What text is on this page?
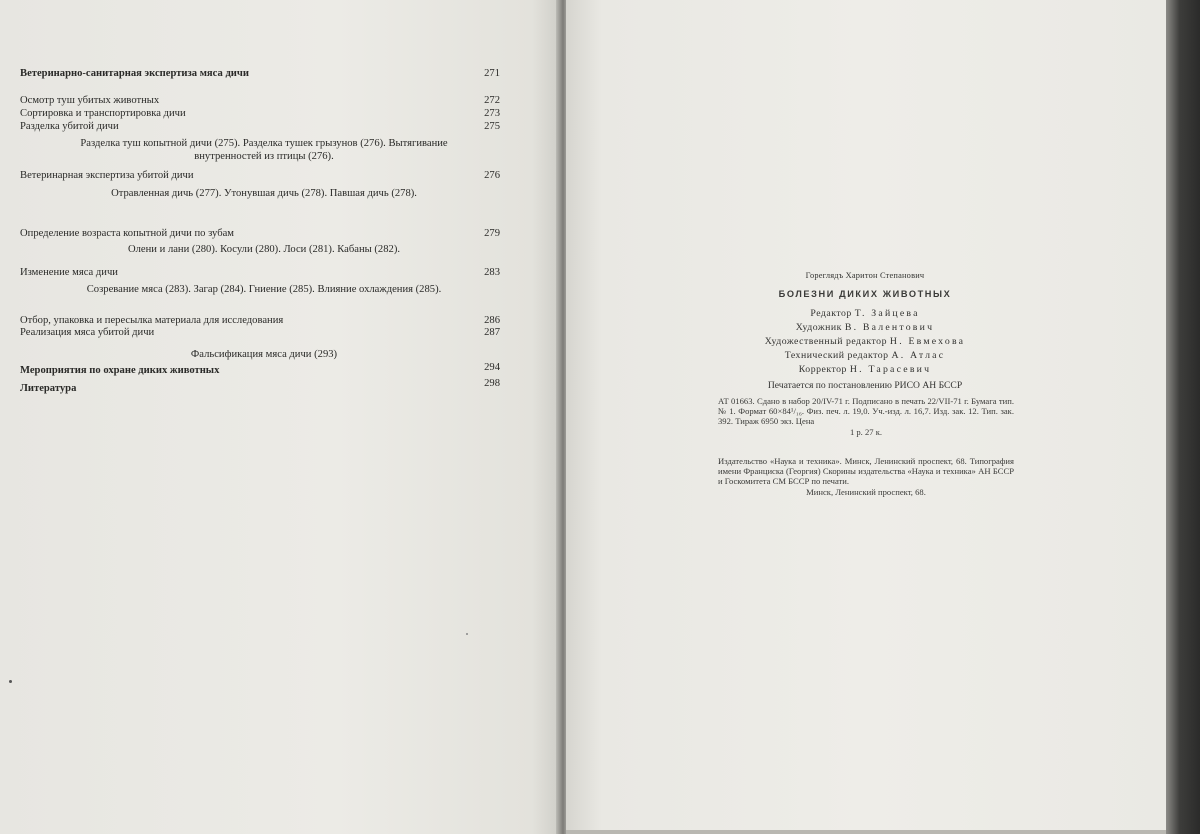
Ветеринарно-санитарная экспертиза мяса дичи	271
Осмотр туш убитых животных	272
Сортировка и транспортировка дичи	273
Разделка убитой дичи	275
Разделка туш копытной дичи (275). Разделка тушек грызунов (276). Вытягивание внутренностей из птицы (276).
Ветеринарная экспертиза убитой дичи	276
Отравленная дичь (277). Утонувшая дичь (278). Павшая дичь (278).
Определение возраста копытной дичи по зубам	279
Олени и лани (280). Косули (280). Лоси (281). Кабаны (282).
Изменение мяса дичи	283
Созревание мяса (283). Загар (284). Гниение (285). Влияние охлаждения (285).
Отбор, упаковка и пересылка материала для исследования	286
Реализация мяса убитой дичи	287
Фальсификация мяса дичи (293)
Мероприятия по охране диких животных	294
Литература	298
Гореглядъ Харитон Степанович
БОЛЕЗНИ ДИКИХ ЖИВОТНЫХ
Редактор Т. Зайцева
Художник В. Валентович
Художественный редактор Н. Евмехова
Технический редактор А. Атлас
Корректор Н. Тарасевич
Печатается по постановлению РИСО АН БССР
АТ 01663. Сдано в набор 20/IV-71 г. Подписано в печать 22/VII-71 г. Бумага тип. № 1. Формат 60×84¹/₁₆. Физ. печ. л. 19,0. Уч.-изд. л. 16,7. Изд. зак. 12. Тип. зак. 392. Тираж 6950 экз. Цена
1 р. 27 к.
Издательство «Наука и техника». Минск, Ленинский проспект, 68. Типография имени Франциска (Георгия) Скорины издательства «Наука и техника» АН БССР и Госкомитета СМ БССР по печати.
Минск, Ленинский проспект, 68.
